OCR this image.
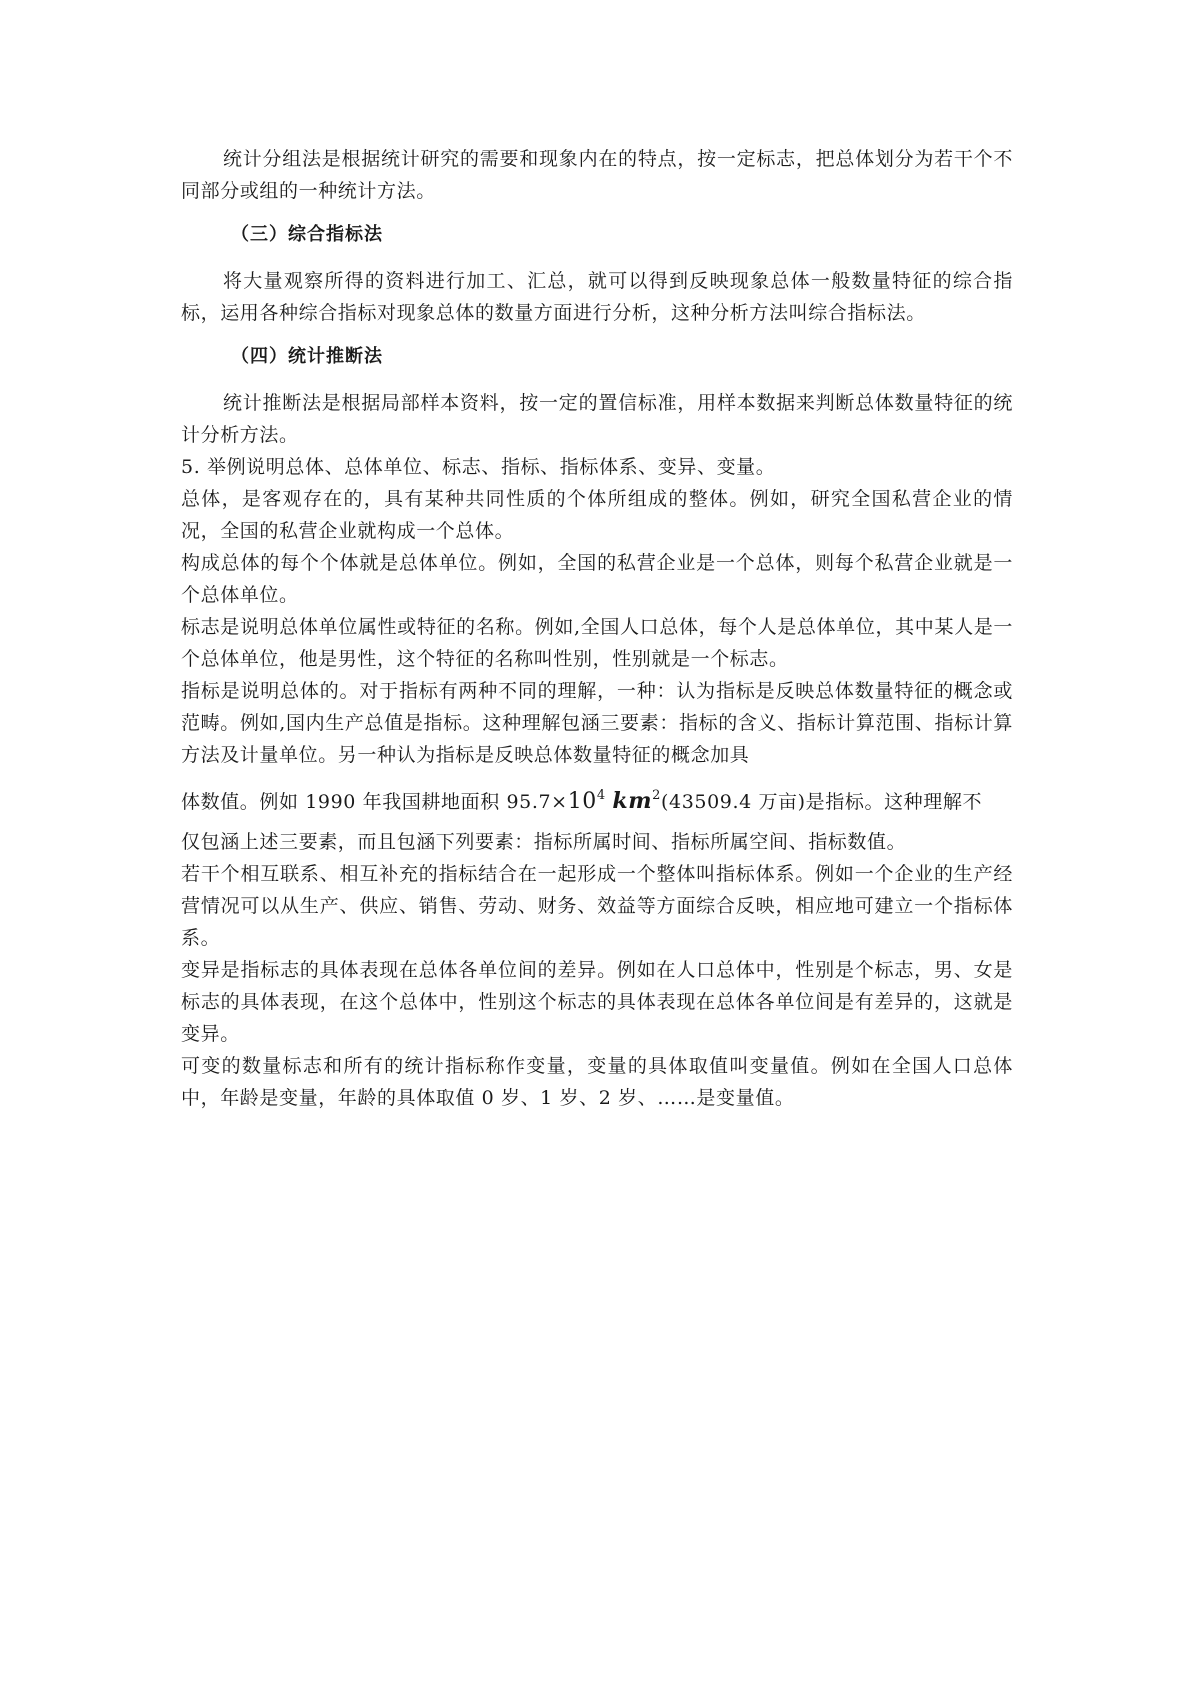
统计分组法是根据统计研究的需要和现象内在的特点，按一定标志，把总体划分为若干个不同部分或组的一种统计方法。

（三）综合指标法

将大量观察所得的资料进行加工、汇总，就可以得到反映现象总体一般数量特征的综合指标，运用各种综合指标对现象总体的数量方面进行分析，这种分析方法叫综合指标法。

（四）统计推断法

统计推断法是根据局部样本资料，按一定的置信标准，用样本数据来判断总体数量特征的统计分析方法。

5. 举例说明总体、总体单位、标志、指标、指标体系、变异、变量。

总体，是客观存在的，具有某种共同性质的个体所组成的整体。例如，研究全国私营企业的情况，全国的私营企业就构成一个总体。

构成总体的每个个体就是总体单位。例如，全国的私营企业是一个总体，则每个私营企业就是一个总体单位。

标志是说明总体单位属性或特征的名称。例如,全国人口总体，每个人是总体单位，其中某人是一个总体单位，他是男性，这个特征的名称叫性别，性别就是一个标志。

指标是说明总体的。对于指标有两种不同的理解，一种：认为指标是反映总体数量特征的概念或范畴。例如,国内生产总值是指标。这种理解包涵三要素：指标的含义、指标计算范围、指标计算方法及计量单位。另一种认为指标是反映总体数量特征的概念加具

体数值。例如 1990 年我国耕地面积 $95.7\times 10^4$ $km^2(43509.4$ 万亩)是指标。这种理解不

仅包涵上述三要素，而且包涵下列要素：指标所属时间、指标所属空间、指标数值。

若干个相互联系、相互补充的指标结合在一起形成一个整体叫指标体系。例如一个企业的生产经营情况可以从生产、供应、销售、劳动、财务、效益等方面综合反映，相应地可建立一个指标体系。

变异是指标志的具体表现在总体各单位间的差异。例如在人口总体中，性别是个标志，男、女是标志的具体表现，在这个总体中，性别这个标志的具体表现在总体各单位间是有差异的，这就是变异。

可变的数量标志和所有的统计指标称作变量，变量的具体取值叫变量值。例如在全国人口总体中，年龄是变量，年龄的具体取值 0 岁、1 岁、2 岁、……是变量值。
